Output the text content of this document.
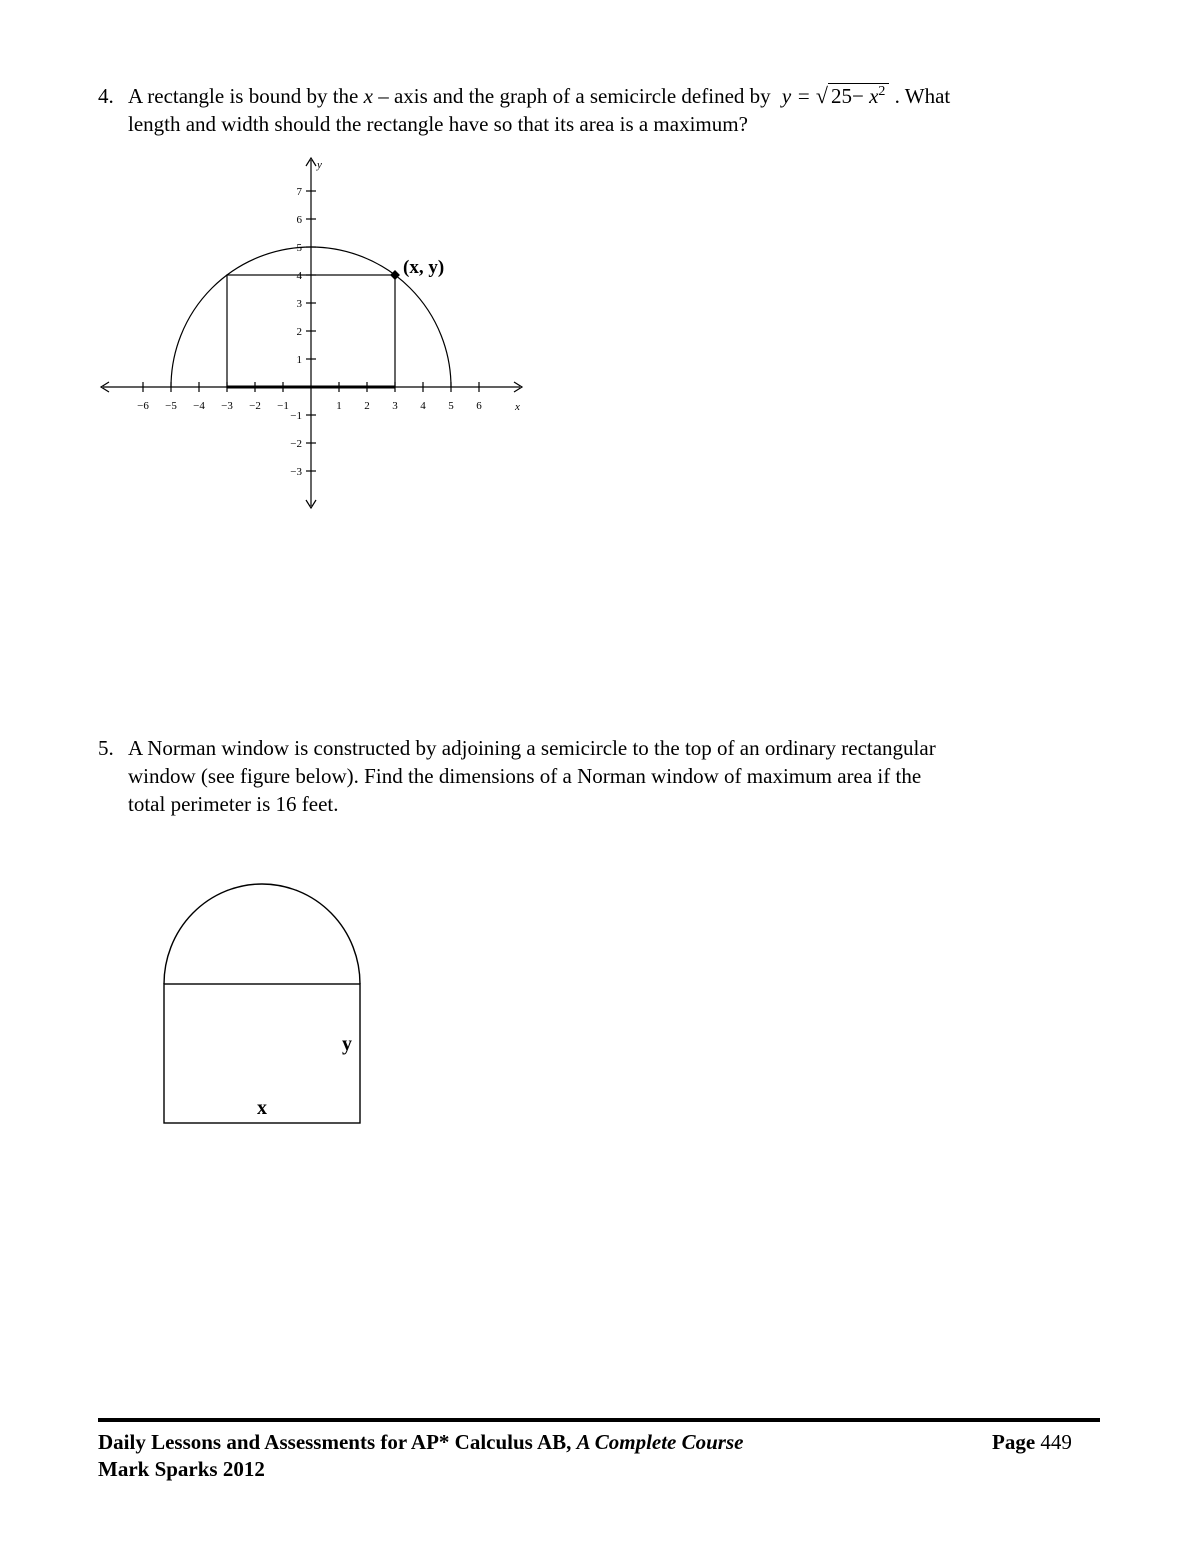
4. A rectangle is bound by the x – axis and the graph of a semicircle defined by y = √ $25- x^2$ . What
length and width should the rectangle have so that its area is a maximum?
−6 −5 −4 −3 −2 −1	1 2 3 4 5 6
1
2
3
4
5
6
7
−1
−2
−3
x
y
(x, y)
5. A Norman window is constructed by adjoining a semicircle to the top of an ordinary rectangular
window (see figure below). Find the dimensions of a Norman window of maximum area if the
total perimeter is 16 feet.
y
x
Daily Lessons and Assessments for AP* Calculus AB, A Complete Course
Mark Sparks 2012
Page 449
